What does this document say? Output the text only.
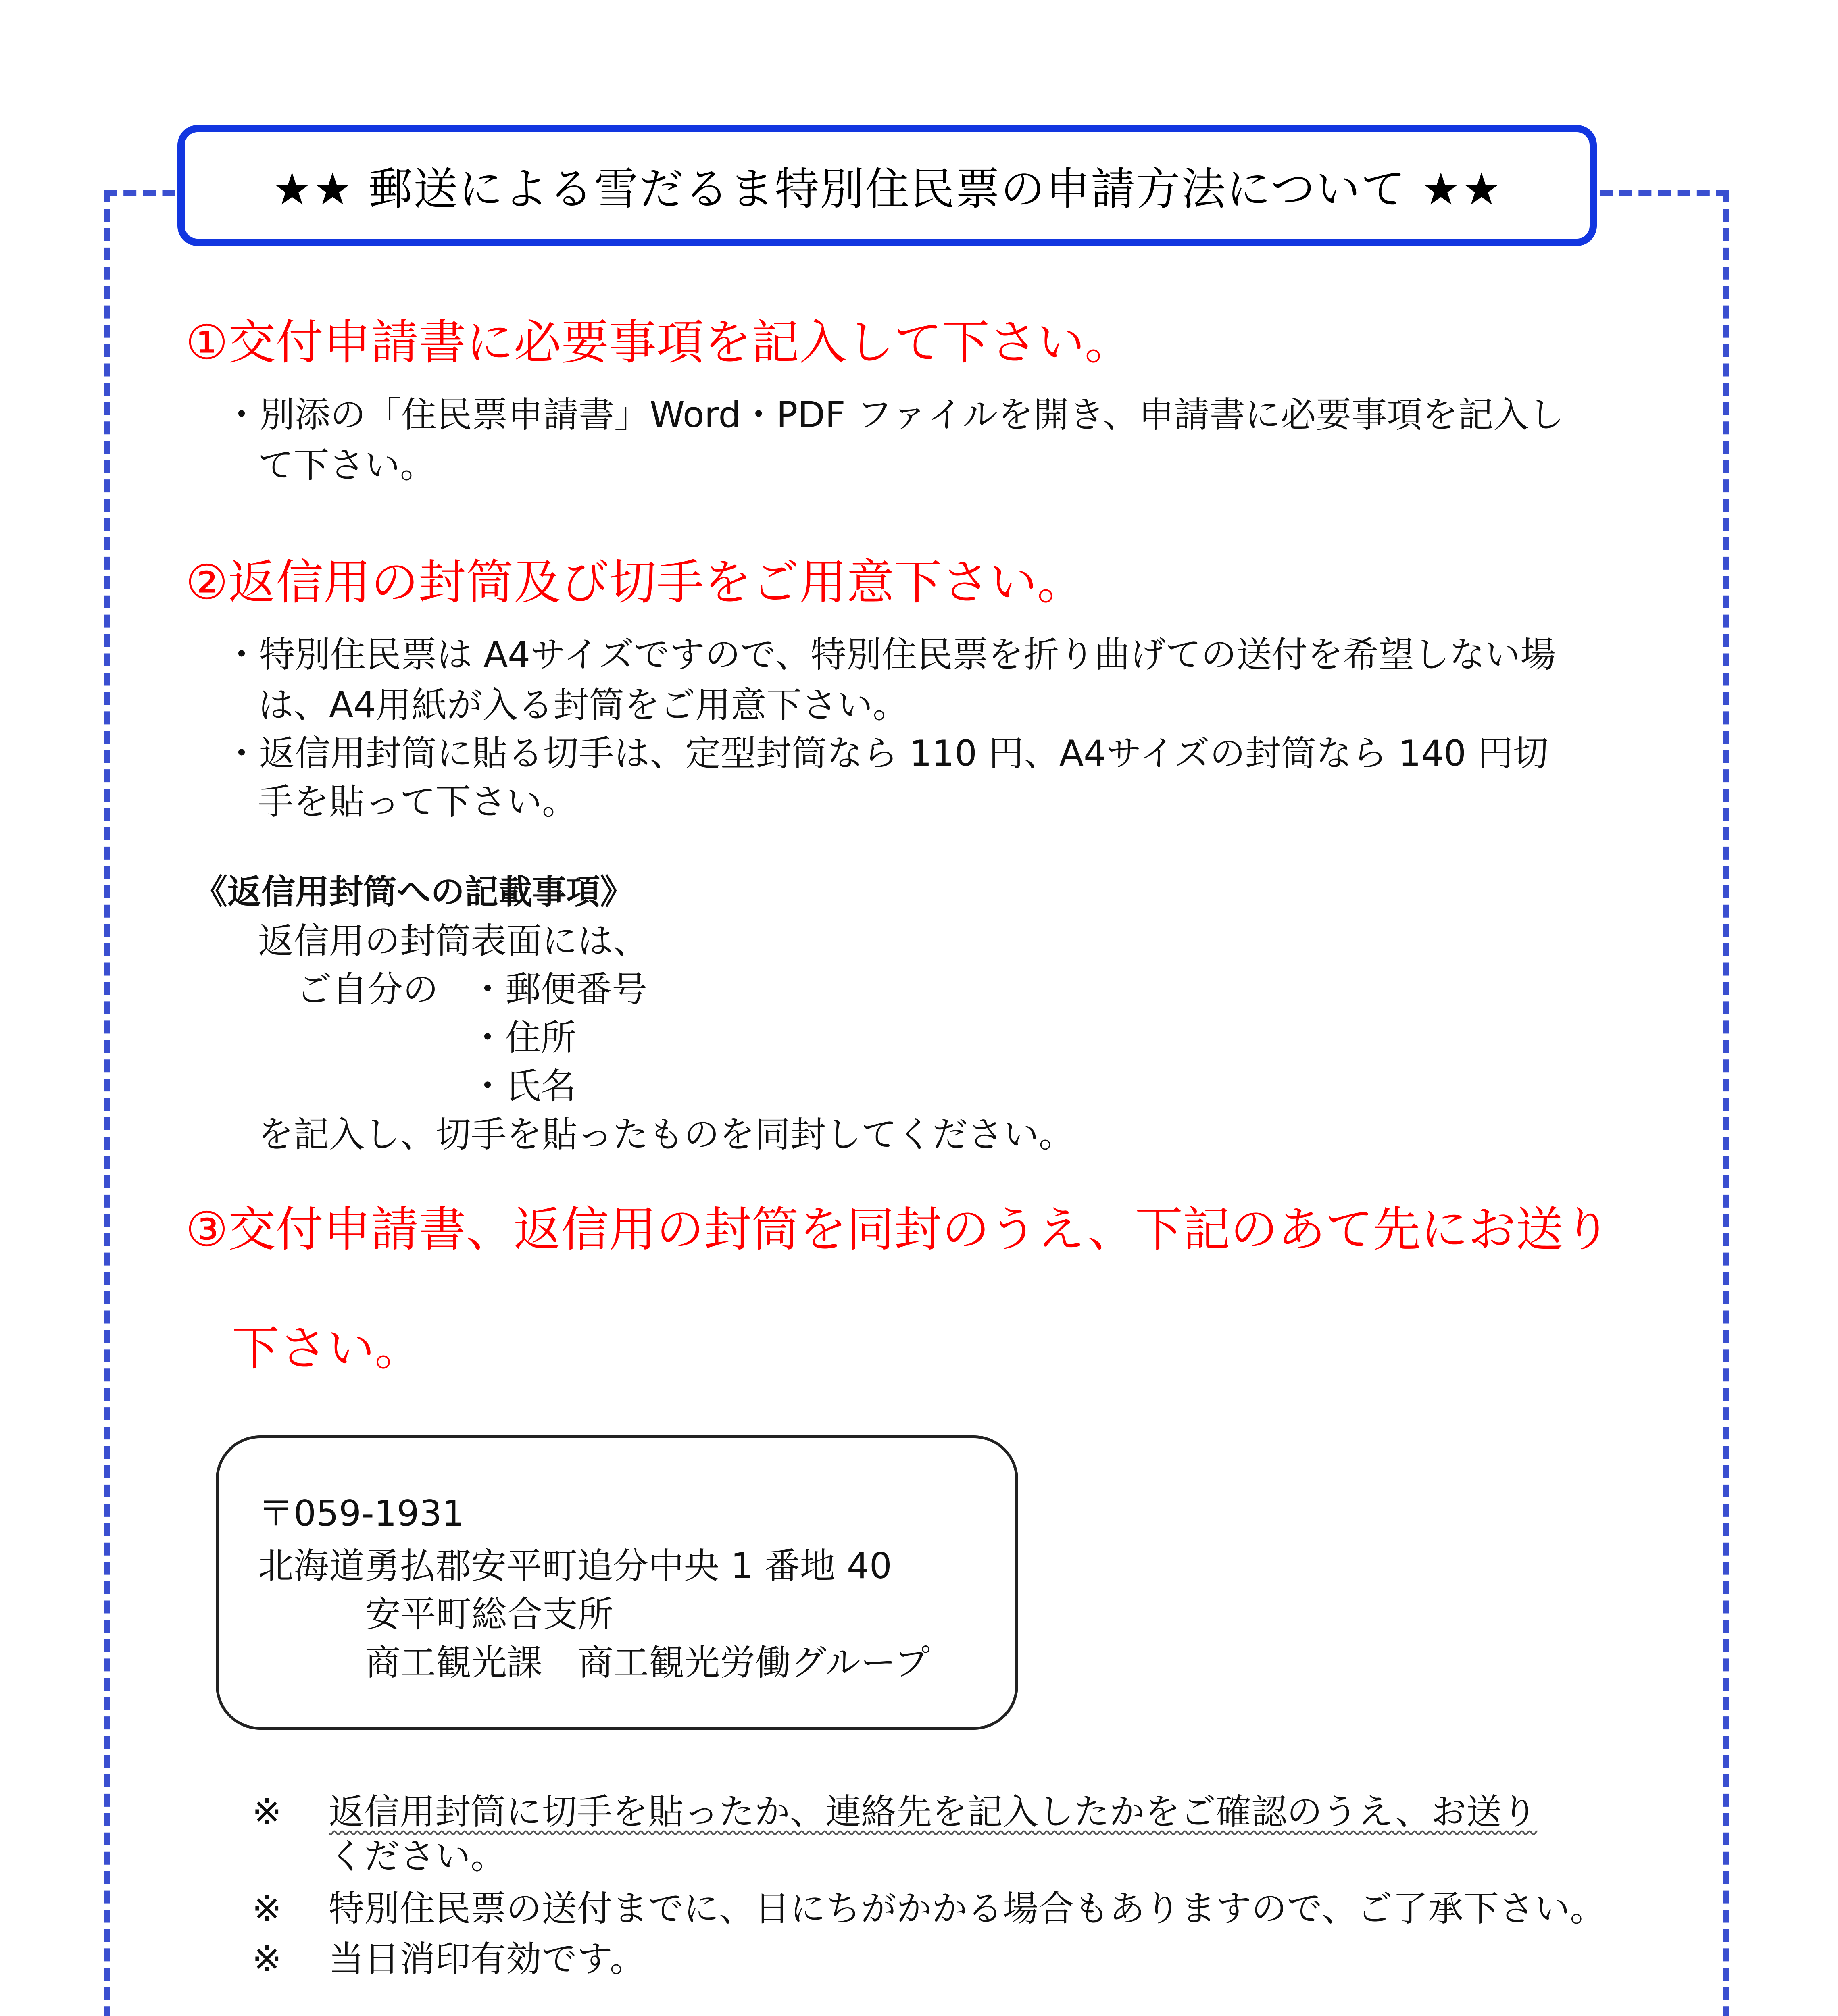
★★ 郵送による雪だるま特別住民票の申請方法について ★★
①交付申請書に必要事項を記入して下さい。
・別添の「住民票申請書」Word・PDF ファイルを開き、申請書に必要事項を記入し
て下さい。
②返信用の封筒及び切手をご用意下さい。
・特別住民票は A4サイズですので、特別住民票を折り曲げての送付を希望しない場
は、A4用紙が入る封筒をご用意下さい。
・返信用封筒に貼る切手は、定型封筒なら 110 円、A4サイズの封筒なら 140 円切
手を貼って下さい。
《返信用封筒への記載事項》
返信用の封筒表面には、
ご自分の ・郵便番号
・住所
・氏名
を記入し、切手を貼ったものを同封してください。
③交付申請書、返信用の封筒を同封のうえ、下記のあて先にお送り
下さい。
〒059-1931
北海道勇払郡安平町追分中央 1 番地 40
安平町総合支所
商工観光課　商工観光労働グループ
※ 返信用封筒に切手を貼ったか、連絡先を記入したかをご確認のうえ、お送り
ください。
※ 特別住民票の送付までに、日にちがかかる場合もありますので、ご了承下さい。
※ 当日消印有効です。
